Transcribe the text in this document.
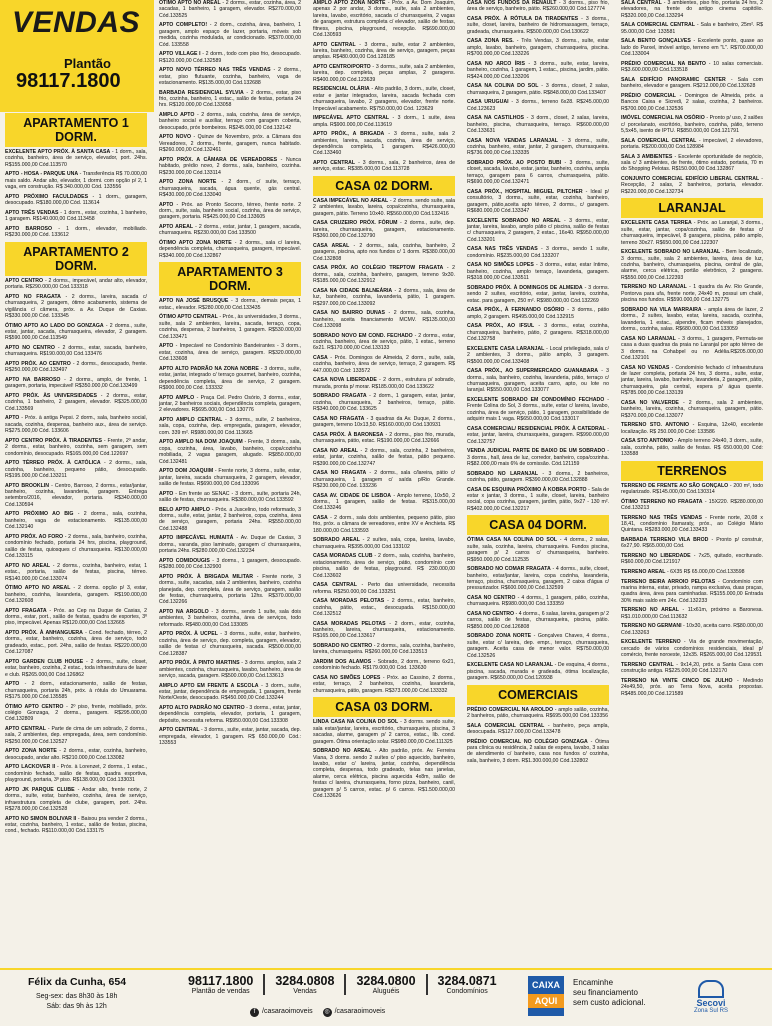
VENDAS
Plantão
98117.1800
APARTAMENTO 1 DORM.

EXCELENTE APTO PRÓX. À SANTA CASA - 1 dorm., sala, cozinha, banheiro, área de serviço, elevador, port. 24hs. R$155.000,00 Cód.113570

APTO - HOSA - PARQUE UNA - Transferência R$ 70.000,00 mais saldo. Andar alto, elevador, 1 dormi. com opção p/ 2, 1 vaga, em construção. R$ 340.000,00 Cód. 133556

APTO PRÓXIMO FACULDADES - 1 dorm., garagem, desocupado. R$180.000,00 Cód. 113614

APTO TRÊS VENDAS - 1 dorm., estar, cozinha, 1 banheiro, 1 garagem. R$140.000,00 Cód.113458

APTO BARROSO - 1 dorm., elevador, mobiliado. R$230.000,00 Cód. 133612

APARTAMENTO 2 DORM.

APTO CENTRO - 2 dorms., impecável, andar alto, elevador, portaria. R$290.000,00 Cód.133318

APTO NO FRAGATA - 2 dorms., lareira, sacada c/ churrasqueira, 2 garagem, ótimo acabamento, sistema de vigilância c/ câmera, próx. a Av. Duque de Caxias. R$330.000,00 Cód. 133345

ÓTIMO APTO AO LADO DO GONZAGA - 2 dorms., suíte, estar, jantar, sacada, churrasqueira, elevador, 2 garagem. R$590.000,00 Cód.113549

APTO NO CENTRO - 2 dorms., estar, sacada, banheiro, churrasqueira. R$190.000,00 Cód.133476

APTO PRÓX. AO CENTRO - 2 dorms., desocupado, frente. R$250.000,00 Cód.133497

APTO NA BARROSO - 2 dorms., amplo, de frente, 1 garagem, portaria, impecável! R$350.000,00 Cód.133499

APTO PRÓX. ÀS UNIVERSIDADES - 2 dorms., estar, cozinha, 1 banheiro, 2 garagem, elevador. R$325.000,00 Cód.133569

APTO - Próx. à antiga Pepsi. 2 dorm., sala, banheiro social, sacada, cozinha, despensa, banheiro aux., área de serviço. R$275.000,00 Cód. 133606

APTO CENTRO PRÓX. À TIRADENTES - Frente, 2º andar, 2 dorms., estar, banheiro, cozinha, sem garagem, sem condomínio, desocupado. R$165.000,00 Cód.122697

APTO TÉRREO PRÓX. À CATÓLICA - 2 dorms., sala, cozinha, banheiro, pequeno pátio, desocupado. R$195.000,00 Cód.133211

APTO BROOKLIN - Centro, Barroso, 2 dorms., estar/jantar, banheiro, cozinha, lavanderia, garagem. Entrega setembro/2016, elevador, portaria. R$340.000,00 Cód.130594

APTO PRÓXIMO AO BIG - 2 dorms., sala, cozinha, banheiro, vaga de estacionamento. R$135.000,00 Cód.132140

APTO PRÓX. AO FORO - 2 dorms., sala, banheiro, cozinha, condomínio fechado, portaria 24 hrs, piscina, playground, salão de festas, quiosques c/ churrasqueira. R$130.000,00 Cód.133115

APTO NO AREAL - 2 dorms., cozinha, banheiro, estar, 1 estac., portaria, salão de festas, piscina, térreo. R$140.000,00 Cód.133074

ÓTIMO APTO NO AREAL - 2 dorms. opção p/ 3, estar, banheiro, cozinha, lavanderia, garagem. R$190.000,00 Cód.132608

APTO FRAGATA - Próx. ao Cep na Duque de Caxias, 2 dorms., estar, port., salão de festas, quadra de esportes, 3º piso, impecável. Apenas R$120.000,00 Cód.132665

APTO PRÓX. À ANHANGUERA - Cond. fechado, térreo, 2 dorms., estar, banheiro, cozinha, área de serviço, todo gradeado, estac., port. 24hs, salão de festas. R$220.000,00 Cód.127087

APTO GARDEN CLUB HOUSE - 2 dorms., suíte, closet, estar, banheiro, cozinha, 2 estac., toda infraestrutura de lazer e club. R$265.000,00 Cód.126862

APTO - 2 dorm., estacionamento, salão de festas, churrasqueira, portaria 24h, próx. à rótula do Umuarama. R$175.000,00 Cód.135585

ÓTIMO APTO CENTRO - 2º piso, frente, mobiliado, próx. colégio Gonzaga, 2 dorms., garagem. R$295.000,00 Cód.132809

APTO CENTRAL - Parte de cima de um sobrado, 2 dorms., sala, 2 ambientes, dep. empregada, área, sem condomínio. R$250.000,00 Cód.132527

APTO ZONA NORTE - 2 dorms., estar, cozinha, banheiro, desocupado, andar alto. R$210.000,00 Cód.133082

APTO LACKOVER II - Próx. à Lorenzet, 2 dorms., 1 estac., condomínio fechado, salão de festas, quadra esportiva, playground, portaria, 3º piso. R$138.000,00 Cód.133031

APTO JK PARQUE CLUBE - Andar alto, frente norte, 2 dorms., suíte, estar, banheiro, cozinha, área de serviço, infraestrutura completa de clube, garagem, port. 24hs. R$278.000,00 Cód.132528

APTO NO SIMON BOLIVAR II - Baixou pra vender 2 dorms., estar, cozinha, banheiro, 1 estac., salão de festas, piscina, cond., fechado. R$110.000,00 Cód.133175

ÓTIMO APTO NO AREAL - 2 dorms., estar, cozinha, área, 2 sacadas, 1 banheiro, 1 garagem, elevador. R$270.000,00 Cód.133525

APTO COMPLETO! - 2 dorm., cozinha, área, banheiro, 1 garagem, amplo espaço de lazer, portaria, móveis sob medida, cozinha modulada, ar condicionado. R$370.000,00 Cód. 133558

APTO VILLAGE I - 2 dorm., todo com piso frio, desocupado. R$120.000,00 Cód.132589

APTO NOVO TÉRREO NAS TRÊS VENDAS - 2 dorms., estar, piso flutuante, cozinha, banheiro, vaga de estacionamento. R$135.000,00 Cód.132688

BARBADA RESIDENCIAL SYLVIA - 2 dorms., estar, piso frio, cozinha, banheiro, 1 estac., salão de festas, portaria 24 hrs. R$120.000,00 Cód.133058

AMPLO APTO - 2 dorms., sala, cozinha, área de serviço, banheiro social e auxiliar, terraço com garagem coberta, desocupado, próx bombeiros. R$245.000,00 Cód.132142

APTO NOVO - Quinze de Novembro, próx. a Câmara dos Vereadores, 2 dorms., frente, garagem, nunca habitado. R$260.000,00 Cód.132461

APTO PRÓX. A CÂMARA DE VEREADORES - Nunca habitado, prédio novo, 2 dorms., sala, banheiro, cozinha. R$230.000,00 Cód.133114

APTO ZONA NORTE - 2 dorm., c/ suíte, terraço, churrasqueira, sacada, água quente, gás central. R$430.000,00 Cód.133040

APTO - Próx. ao Pronto Socorro, térreo, frente norte. 2 dorm., suíte, sala, banheiro social, cozinha, área de serviço, garagem, portaria. R$425.000,00 Cód.133605

APTO AREAL - 2 dorms., estar, jantar, 1 garagem, sacada, churrasqueira. R$230.000,00 Cód.133500

ÓTIMO APTO ZONA NORTE - 2 dorms., sala c/ lareira, dependência completa, churrasqueira, garagem, impecável. R$340.000,00 Cód.132867

APARTAMENTO 3 DORM.

APTO NA JOSÉ BRUSQUE - 3 dorms., demais peças, 1 estac., elevador. R$280.000,00 Cód.133435

ÓTIMO APTO CENTRAL - Próx., às universidades, 3 dorms., suíte, sala 2 ambientes, lareira, sacada, terraço, copa, cozinha, despensa, 2 banheiros, 1 garagem. R$530.000,00 Cód.133471

APTO - Impecável no Condomínio Bandeirantes - 3 dorm., estar, cozinha, área de serviço, garagem. R$320.000,00 Cód.133608

APTO ALTO PADRÃO NA ZONA NOBRE - 3 dorms., suíte, estar, jantar, integrado c/ terraço gourmet, banheiro, cozinha, dependência completa, área de serviço, 2 garagem. R$900.000,00 Cód. 133332

APTO AMPLO - Praça Cel. Pedro Osório, 3 dorms., estar, jantar, 2 banheiros sociais, dependência completa, garagem, 2 elevadores. R$695.000,00 Cód.130776

APTO AMPLO CENTRAL - 3 dorms., suíte, 2 banheiros, sala, copa, cozinha, dep. empregada, garagem, elevador, com. 339 m². R$980.000,00 Cód.113665

APTO AMPLO NA DOM JOAQUIM - Frente, 3 dorms., sala, copa, cozinha, área, lavabo, banheiro, copa/cozinha mobiliada, 2 vagas garagem, alugado. R$850.000,00 Cód.132481

APTO DOM JOAQUIM - Frente norte, 3 dorms., suíte, estar, jantar, lareira, sacada churrasqueira, 2 garagem, elevador, salão de festas. R$690.000,00 Cód.133096

APTO - Em frente ao SENAC - 3 dorm., suíte, portaria 24h, salão de festas, churrasqueira. R$380.000,00 Cód.133592

BELO APTO AMPLO - Próx. a Juscelino, todo reformado, 3 dorms., suíte, estar, jantar, 2 banheiros, copa, cozinha, área de serviço, garagem, portaria 24hs. R$550.000,00 Cód.132488

APTO IMPECÁVEL HUMAITÁ - Av. Duque de Caxias, 3 dorms., varanda, piso laminado, garagem c/ churrasqueira, portaria 24hs. R$280.000,00 Cód.132234

APTO COMIDOUGIS - 3 dorms., 1 garagem, desocupado. R$280.000,00 Cód.132900

APTO PRÓX. À BRIGADA MILITAR - Frente norte, 3 dorms., suíte, sacadas, sala 2 ambientes, banheiro, cozinha planejada, dep. completa, área de serviço, garagem, salão de festas, churrasqueira, portaria 12hs. R$370.000,00 Cód.132266

APTO NA ARGOLO - 3 dorms., sendo 1 suíte, sala dois ambientes, 3 banheiros, cozinha, área de serviços, todo reformado. R$480.000,00 Cód.133085

APTO PRÓX. À UCPEL - 3 dorms., suíte, estar, banheiro, cozinha, área de serviço, dep. completa, garagem, elevador, salão de festas c/ churrasqueira, sacada. R$500.000,00 Cód.128387

APTO PRÓX. À PINTO MARTINS - 3 dorms. amplos, sala 2 ambientes, cozinha, churrasqueira, lavabo, banheiro, área de serviço, sacada, garagem. R$500.000,00 Cód.133613

AMPLO APTO EM FRENTE A ESCOLA - 3 dorm., suíte, estar, jantar, dependência de empregada, 1 garagem, frente Norte/Oeste, desocupado. R$450.000,00 Cód.133244

APTO ALTO PADRÃO NO CENTRO - 3 dorms., estar, jantar, dependência completa, elevador, portaria, 1 garagem, depósito, necessita reforma. R$950.000,00 Cód.133308

APTO CENTRAL - 3 dorms., suíte, estar, jantar, sacada, dep. empregada, elevador, 1 garagem. R$ 650.000,00 Cód.: 133553

AMPLO APTO ZONA NORTE - Próx. a Av. Dom Joaquim, apenas 2 por andar, 3 dorms., suíte, sala 2 ambientes, lareira, lavabo, escritório, sacada c/ churrasqueira, 2 vagas de garagem, estrutura completa c/ elevador, salão de festas, fitness, piscina, playground, recepção. R$690.000,00 Cód.130593

APTO CENTRAL - 3 dorms., suíte, estar 2 ambientes, lareira, banheiro, cozinha, área de serviço, garagem, peças amplas. R$480.000,00 Cód.128185

APTO CENTRO/PORTO - 3 dorms., suíte, sala 2 ambientes, lareira, dep. completa, peças amplas, 2 garagens. R$400.000,00 Cód.123639

RESIDENCIAL OLÁRIA - Alto padrão, 3 dorm., suíte, closet, estar e jantar integrados, lareira, sacada fechada com churrasqueira, lavabo, 2 garagens, elevador, frente norte. Impecável acabamento. R$750.000,00 Cód. 123629

IMPECÁVEL APTO CENTRAL - 3 dorm., 1 suíte, área ampla. R$900.000,00 Cód.113619

APTO PRÓX., A BRIGADA - 3 dorms., suíte, sala 2 ambientes, lareira, sacada, cozinha, área de serviço, dependência completa, 1 garagem. R$426.000,00 Cód.133460

APTO CENTRAL - 3 dorms., sala, 2 banheiros, área de serviço, estac. R$385.000,00 Cód.113728

CASA 02 DORM.

CASA IMPECÁVEL NO AREAL - 2 dorms. sendo suíte, sala 2 ambientes, lavabo, lareira, copa/cozinha, churrasqueira, garagem, pátio. Terreno 10x40. R$560.000,00 Cód.132416

CASA CRUZEIRO PRÓX. FÓRUM - 2 dorms., suíte, dep. lareira, churrasqueira, garagem, estacionamento. R$360.000,00 Cód.132790

CASA AREAL - 2 dorms., sala, cozinha, banheiro, 2 garagens, piscina, apto nos fundos c/ 1 dorm. R$380.000,00 Cód.132808

CASA PRÓX. AO COLÉGIO TREPTOW FRAGATA - 2 dorms., sala, cozinha, banheiro, garagem, terreno 9x30. R$185.000,00 Cód.132912

CASA NA CIDADE BALNEÁRIA - 2 dorms., sala, área de luz, banheiro, cozinha, lavanderia, pátio, 1 garagem. R$297.000,00 Cód.133092

CASA NO BAIRRO DUNAS - 2 dorms., sala, cozinha, banheiro, aceita financiamento MCMV. R$135.000,00 Cód.133098

SOBRADO NOVO EM COND. FECHADO - 2 dorms., estar, cozinha, banheiro, área de serviço, pátio, 1 estac., terreno 6x21. R$170.000,00 Cód.133133

CASA - Próx. Domingos de Almeida, 2 dorm., suíte, sala, cozinha, banheiro, área de serviço, terraço, 2 garagem. R$ 447.000,00 Cód: 133572

CASA NOVA LIBERDADE - 2 dorm., estrutura p/ sobrado, murada, pronta p/ morar. R$185.000,00 Cód.133622

SOBRADO FRAGATA - 2 dorm., 1 garagem, estar, jantar, cozinha, churrasqueira, 2 banheiros, terraço, pátio. R$340.000,00 Cód. 133625

CASA NO FRAGATA - 3 quadras da Av. Duque, 2 dorms., garagem, terreno 10x13,50. R$160.000,00 Cód.130931

CASA PRÓX. À BARONESA - 2 dorms., piso frio, murada, churrasqueira, pátio, estac. R$190.000,00 Cód.132666

CASA NO AREAL - 2 dorms., sala, cozinha, 2 banheiros, estar, jantar, cozinha, salão de festas, pátio pequeno. R$390.000,00 Cód.132747

CASA NO FRAGATA - 2 dorms., sala c/lareira, pátio c/ churrasqueira, 1 garagem c/ saída p/Rio Grande. R$230.000,00 Cód. 133236

CASA AV. CIDADE DE LISBOA - Amplo terreno, 10x50, 2 dorms., 1 garagem, salão de festas. R$315.000,00 Cód.133246

CASA - 2 dorm., sala dois ambientes, pequeno pátio, piso frio, próx. a câmara de vereadores, entre XV e Anchieta. R$ 180.000,00 Cód.133593

SOBRADO AREAL - 2 suítes, sala, copa, lareira, lavabo, churrasqueira. R$395.000,00 Cód.133102

CASA MORADAS CLUB - 2 dorm., sala, cozinha, banheiro, estacionamento, área de serviço, pátio, condomínio com piscina, salão de festas, playground. R$ 230.000,00 Cód.133602

CASA CENTRAL - Perto das universidade, necessita reforma. R$250.000,00 Cód.133251

CASA MORADAS PELOTAS - 2 dorms., estar, banheiro, cozinha, pátio, estac., desocupada. R$150.000,00 Cód.132512

CASA MORADAS PELOTAS - 2 dorm., estar, cozinha, banheiro, lareira, churrasqueira, estacionamento. R$165.000,00 Cód.133617

SOBRADO NO CENTRO - 2 dorms., sala, cozinha, banheiro, lareira, churrasqueira. R$260.000,00 Cód.133513

JARDIM DOS ALAMOS - Sobrado, 2 dorm., terreno 6x21, condomínio fechado. R$179.000,00 Cód. 133630

CASA NO SIMÕES LOPES - Próx. ao Cassino, 2 dorms., estar, terraço, 2 banheiros, cozinha, lavanderia, churrasqueira, pátio, garagem. R$373.000,00 Cód.133332

CASA 03 DORM.

LINDA CASA NA COLINA DO SOL - 3 dorms. sendo suíte, sala estar/jantar, lareira, escritório, churrasqueira, piscina, 3 sacadas, alarme, garagem p/ 2 carros, estac., lib. cond. garagem. Ótima orientação solar. R$980.000,00 Cód.111325

SOBRADO NO AREAL - Alto padrão, próx. Av. Ferreira Viana, 3 dorms. sendo 2 suítes c/ piso aquecido, banheiro, lavabo, estar c/ lareira, jantar, cozinha, dependência completa, despensa, todo gradeado, telas nas janelas, alarme, cerca elétrica, piscina aquecida 4x8m, salão de festas c/ lareira, churrasqueira, forno pizza, banheiro, canil, garagem p/ 5 carros, estac. p/ 6 carros. R$1.500.000,00 Cód.133626

CASA NOS FUNDOS DA RENAULT - 3 dorms., piso frio, área de serviço, banheiro, pátio. R$260.000,00 Cód.127774

CASA PRÓX. À RÓTULA DA TIRADENTES - 3 dorms., suíte, closet, lareira, banheiro de hidromassagem, terraço, gradeada, churrasqueira. R$500.000,00 Cód.130622

CASA ZONA RES. - Três Vendas, 3 dorms., suíte, estar amplo, lavabo, banheiro, garagem, churrasqueira, piscina. R$700.000,00 Cód.133226

CASA NO ARCO ÍRIS - 3 dorms., suíte, estar, lareira, banheiro, cozinha, 1 garagem, 1 estac., piscina, jardim, pátio. R$424.000,00 Cód.133206

CASA NA COLINA DO SOL - 3 dorms., closet, 2 salas, churrasqueira, 2 garagem, pátio. R$848.000,00 Cód.133407

CASA URUGUAI - 3 dorms., terreno 6x28. R$245.000,00 Cód.123623

CASA NA CASTILHOS - 3 dorm., closet, 2 salas, lareira, banheiro, piscina, churrasqueira, terraço. R$600.000,00 Cód.133631

CASA NOVA VENDAS LARANJAL - 3 dorms., suíte, cozinha, banheiro, estar, jantar, 2 garagem, churrasqueira. R$736.000,00 Cód.133335

SOBRADO PRÓX. AO POSTO BUBI - 3 dorms., suíte, closet, sacada, lavabo, estar, jantar, banheiro, cozinha, ampla terraço, garagem para 6 carros, churrasqueira, pátio. R$690.000,00 Cód.132471

CASA PRÓX., HOSPITAL MIGUEL PILTCHER - Ideal p/ consultório, 3 dorms., suíte, estar, cozinha, banheiro, garagem, pátio,aceita apto térreo, 2 dorms., c/ garagem. R$680.000,00 Cód.133347

EXCELENTE SOBRADO NO AREAL - 3 dorms., estar, jantar, lareira, lavabo, amplo pátio c/ piscina, salão de festas c/ churrasqueira, 2 garagem, 2 estac., 16x40. R$950.000,00 Cód.133201

CASA NAS TRÊS VENDAS - 3 dorms., sendo 1 suíte, condomínio. R$235.000,00 Cód.133207

CASA NO SIMÕES LOPES - 3 dorms., estar, estar íntimo, banheiro, cozinha, amplo terraço, lavanderia, garagem. R$318.000,00 Cód.133511

SOBRADO PRÓX. À DOMINGOS DE ALMEIDA - 3 dorms. sendo 2 suítes, escritório, estar, jantar, lareira, cozinha, estac. para garagem, 250 m². R$980.000,00 Cód.132269

CASA PRÓX., À FERNANDO OSÓRIO - 3 dorms., pátio amplo, 2 garagem. R$495.000,00 Cód.132915

CASA PRÓX., AO IFSUL - 3 dorms., estar, cozinha, churrasqueira, banheiro, pátio, 2 garagens. R$318.000,00 Cód.132758

EXCELENTE CASA LARANJAL - Local privilegiado, sala c/ 2 ambientes, 3 dorms., pátio amplo, 3 garagem. R$500.000,00 Cód.133408

CASA PRÓX., AO SUPERMERCADO GUANABARA - 3 dorms., sala, banheiro, cozinha, lavanderia, pátio, terraço c/ churrasqueira, garagem, aceita carro, apto, ou lote no laranjal. R$550.000,00 Cód.133077

EXCELENTE SOBRADO EM CONDOMÍNIO FECHADO - Frente Colina do Sol, 3 dorms., suíte, estar c/ lareira, lavabo, cozinha, área de serviço, pátio, 1 garagem, possibilidade de adquirir mais 1 vaga. R$650.000,00 Cód.133017

CASA COMERCIAL/ RESIDENCIAL PRÓX. À CATEDRAL - estar, jantar, lareira, churrasqueira, garagem. R$990.000,00 Cód.132757

VENDA JUDICIAL PARTE DE BAIXO DE UM SOBRADO - 3 dorms., hall, área de luz, corredor, banheiro, copa/cozinha. R$82.000,00 mais 6% de comissão. Cód.121159

SOBRADO NO LARANJAL - 3 dorms., 2 banheiros, cozinha, pátio, garagem. R$390.000,00 Cód.132888

CASA DE ESQUINA PRÓXIMO À KOBRA PORTO - Sala de estar x jantar, 3 dorms., 1 suíte, closet, lareira, banheiro social, copa cozinha, garagem, jardim, pátio, 9x27 - 130 m². R$402.000,00 Cód.132217

CASA 04 DORM.

ÓTIMA CASA NA COLINA DO SOL - 4 dorms., 2 salas, suíte, sala, cozinha, lareira, churrasqueira. Fundos piscina, garagem p/ 2 carros c/ churrasqueira, banheiro. R$950.000,00 Cód.112535

SOBRADO NO COMAR FRAGATA - 4 dorms., suíte, closet, banheiro, estar/jantar, lareira, copa cozinha, lavanderia, terraço, piscina, churrasqueira, garagem, 2 caixa d'água c/ pressurizador. R$600.000,00 Cód.132599

CASA NO CENTRO - 4 dorms., 1 garagem, pátio, cozinha, churrasqueira. R$980.000,00 Cód.133359

CASA NO CENTRO - 4 dorms., 6 salas, lareira, garagem p/ 2 carros, salão de festas, churrasqueira, piscina, pátio. R$850.000,00 Cód.126808

SOBRADO ZONA NORTE - Gonçalves Chaves, 4 dorms., suíte, estar c/ lareira, dep. empr., terraço, churrasqueira, garagem. Aceita casa de menor valor. R$750.000,00 Cód.132526

EXCELENTE CASA NO LARANJAL - De esquina, 4 dorms., piscina, sacada, murada e gradeada, ótima localização, garagem. R$650.000,00 Cód.120938

COMERCIAIS

PRÉDIO COMERCIAL NA AROLDO - amplo salão, cozinha, 2 banheiros, pátio, churrasqueira. R$695.000,00 Cód.133356

SALA COMERCIAL CENTRAL - banheiro, peça ampla, desocupada. R$127.000,00 Cód.133478

PRÉDIO COMERCIAL NO COLÉGIO GONZAGA - Ótima para clínica ou residência, 2 salas de espera, lavabo, 3 salas de atendimento c/ banheiro, casa nos fundos c/ cozinha, sala, banheiro, 3 dorm. R$1.300.000,00 Cód.132802

SALA CENTRAL - 3 ambientes, piso frio, portaria 24 hrs, 2 elevadores, na frente do antigo cinema capitólio. R$320.000,00 Cód.133294

SALA COMERCIAL CENTRAL - Sala e banheiro, 25m². R$ 95.000,00 Cód: 133581

SALA BENTO GONÇALVES - Excelente ponto, quase ao lado do Parxel, imóvel antigo, terreno em "L". R$700.000,00 Cód.133004

PRÉDIO COMERCIAL NA BENTO - 10 salas comerciais. R$3.600.000,00 Cód.133518

SALA EDIFÍCIO PANORAMIC CENTER - Sala com banheiro, elevador e garagem. R$212.000,00 Cód.132628

PRÉDIO COMERCIAL - Domingos de Almeida, próx. a Bancos Caixa e Sicredi, 2 salas, cozinha, 2 banheiros. R$700.000,00 Cód.132536

IMÓVEL COMERCIAL NA OSÓRIO - Pronto p/ uso, 2 salões c/ porcelanato, escritório, banheiro, cozinha, pátio, terreno 5,5x45, isento de IPTU. R$850.000,00 Cód.121791

SALA COMERCIAL CENTRAL - impecável, 2 elevadores, portaria. R$200.000,00 Cód.128984

SALA 3 AMBIENTES - Excelente oportunidade de negócio, sala c/ 3 ambientes, de frente, ótimo estado, portaria, 70 m do Shopping Pelotas. R$150.000,00 Cód.132867

CONJUNTO COMERCIAL EDIFÍCIO LIBERAL CENTRAL - Recepção, 2 salas, 2 banheiros, portaria, elevador. R$220.000,00 Cód.132734

LARANJAL

EXCELENTE CASA TERREA - Próx. ao Laranjal, 3 dorms., suíte, estar, jantar, copa/cozinha, salão de festas c/ churrasqueira, impecável, 8 garagens, piscina, pátio amplo, terreno 30x27. R$650.000,00 Cód.122307

EXCELENTE SOBRADO NO LARANJAL - Bem localizado, 3 dorms., suíte, sala 2 ambientes, lareira, área de luz, cozinha, banheiro, churrasqueira, piscina, central de gás, alarme, cerca elétrica, portão eletrônico, 2 garagens. R$550.000,00 Cód.122393

TERRENO NO LARANJAL - 1 quadra da Av. Rio Grande, Pontorva para ufa, frente norte, 24x40 m, possui um chalé, piscina nos fundos. R$590.000,00 Cód.132775

SOBRADO NA VILA MARRAIRA - ampla área de lazer, 2 dorms., 2 suítes, lavabo, estar, lareira, sacada, cozinha, lavanderia, 1 estac., alpendre, ficam móveis planejados, dorms., cozinha, salas. R$680.000,00 Cód.133059

CASA NO LARANJAL - 3 dorms., 1 garagem, Permuta-se casa a duas quadras da praia no Laranjal por apto térreo de 3 dorms. na Cohabpel ou no Adélia.R$205.000,00 Cód.132101

CASA NO VENDAS - Condomínio fechado c/ infraestrutura de lazer completa, portaria 24 hrs, 3 dorms., suíte, estar, jantar, lareira, lavabo, banheiro, lavanderia, 2 garagem, pátio, churrasqueira, gás central, espera p/ água quente. R$785.000,00 Cód.133139

CASA NO VALVERDE - 2 dorms., sala 2 ambientes, banheiro, lareira, cozinha, churrasqueira, garagem, pátio. R$370.000,00 Cód.133077

TERRENO STO. ANTONIO - Esquina, 12x40, excelente localização. R$ 250.000,00 Cód: 133586

CASA STO ANTONIO - Amplo terreno 24x40, 3 dorm., suíte, sala, cozinha, pátio, salão de festas. R$ 650.000,00 Cód: 133588

TERRENOS

TERRENO DE FRENTE AO SÃO GONÇALO - 200 m², todo regularizado. R$145.000,00 Cód.130314

ÓTIMO TERRENO NO FRAGATA - 15X220. R$280.000,00 Cód.133213

TERRENO NAS TRÊS VENDAS - Frente norte, 20,08 x 18,41, condomínio Itamaraty, próx., ao Colégio Mário Quintana. R$283.000,00 Cód.133433

BARBADA TERRENO VILA BROD - Pronto p/ construir, 6x27,90. R$65.000,00 Cód.

TERRENO NO LIBERDADE - 7x25, quitado, escriturado. R$60.000,00 Cód.121917

TERRENO AREAL - 6X35 R$ 65.000,00 Cód.133598

TERRENO BEIRA ARROIO PELOTAS - Condomínio com marina interna, estar, privado, rampa exclusiva, duas praças, quadra área, área para caminhadas. R$155.000,00 Entrada 30% mais saldo em 24x. Cód.132233

TERRENO NO AREAL - 11x61m, próximo a Baronesa. R$1.010.000,00 Cód.113632

TERRENO NO GERMANI - 10x30, aceita carro. R$80.000,00 Cód.133263

EXCELENTE TERRENO - Via de grande movimentação, cercado de vários condomínios residenciais, ideal p/ comércio, frente noroeste, 12x35. R$265.000,00 Cód.129531

TERRENO CENTRAL - 9x14,20, próx. a Santa Casa com construção antiga. R$225.000,00 Cód.132170

TERRENO NA VINTE CINCO DE JULHO - Medindo 24x49,50, próx. ao Terra Nova, aceita propostas. R$485.000,00 Cód.121589

Félix da Cunha, 654
Seg-sex: das 8h30 às 18h
Sáb: das 9h às 12h
98117.1800
Plantão de vendas
3284.0808
Vendas
3284.0800
Aluguéis
3284.0871
Condomínios
f /casaraoimoveis	◎ /casaraoimoveis
CAIXA
AQUI
Encaminhe
seu financiamento
sem custo adicional.	Secovi
Zona Sul RS
